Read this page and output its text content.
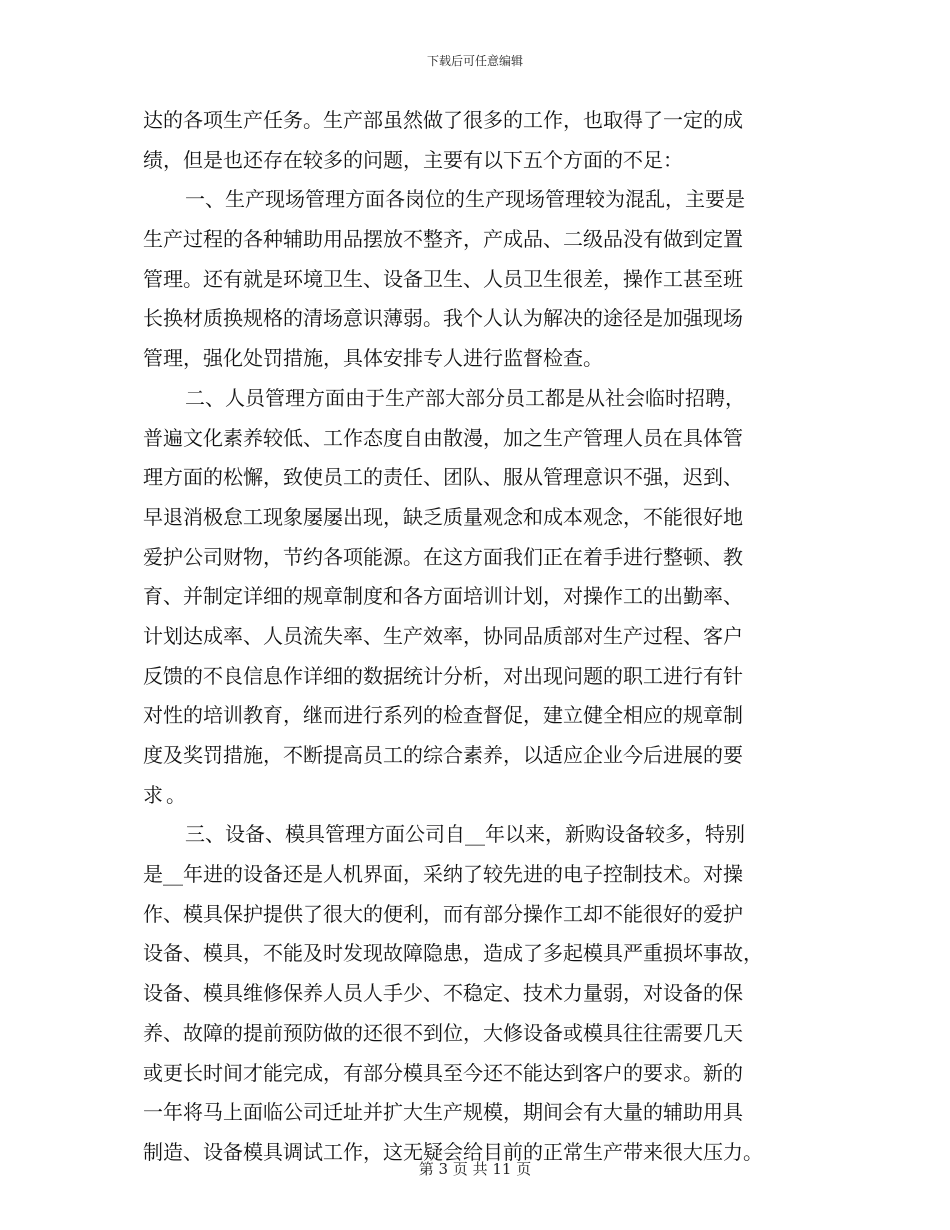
下载后可任意编辑
达的各项生产任务。生产部虽然做了很多的工作，也取得了一定的成
绩，但是也还存在较多的问题，主要有以下五个方面的不足：
一、生产现场管理方面各岗位的生产现场管理较为混乱，主要是
生产过程的各种辅助用品摆放不整齐，产成品、二级品没有做到定置
管理。还有就是环境卫生、设备卫生、人员卫生很差，操作工甚至班
长换材质换规格的清场意识薄弱。我个人认为解决的途径是加强现场
管理，强化处罚措施，具体安排专人进行监督检查。
二、人员管理方面由于生产部大部分员工都是从社会临时招聘，
普遍文化素养较低、工作态度自由散漫，加之生产管理人员在具体管
理方面的松懈，致使员工的责任、团队、服从管理意识不强，迟到、
早退消极怠工现象屡屡出现，缺乏质量观念和成本观念，不能很好地
爱护公司财物，节约各项能源。在这方面我们正在着手进行整顿、教
育、并制定详细的规章制度和各方面培训计划，对操作工的出勤率、
计划达成率、人员流失率、生产效率，协同品质部对生产过程、客户
反馈的不良信息作详细的数据统计分析，对出现问题的职工进行有针
对性的培训教育，继而进行系列的检查督促，建立健全相应的规章制
度及奖罚措施，不断提高员工的综合素养，以适应企业今后进展的要
求。
三、设备、模具管理方面公司自__年以来，新购设备较多，特别
是__年进的设备还是人机界面，采纳了较先进的电子控制技术。对操
作、模具保护提供了很大的便利，而有部分操作工却不能很好的爱护
设备、模具，不能及时发现故障隐患，造成了多起模具严重损坏事故，
设备、模具维修保养人员人手少、不稳定、技术力量弱，对设备的保
养、故障的提前预防做的还很不到位，大修设备或模具往往需要几天
或更长时间才能完成，有部分模具至今还不能达到客户的要求。新的
一年将马上面临公司迁址并扩大生产规模，期间会有大量的辅助用具
制造、设备模具调试工作，这无疑会给目前的正常生产带来很大压力。
第 3 页 共 11 页
